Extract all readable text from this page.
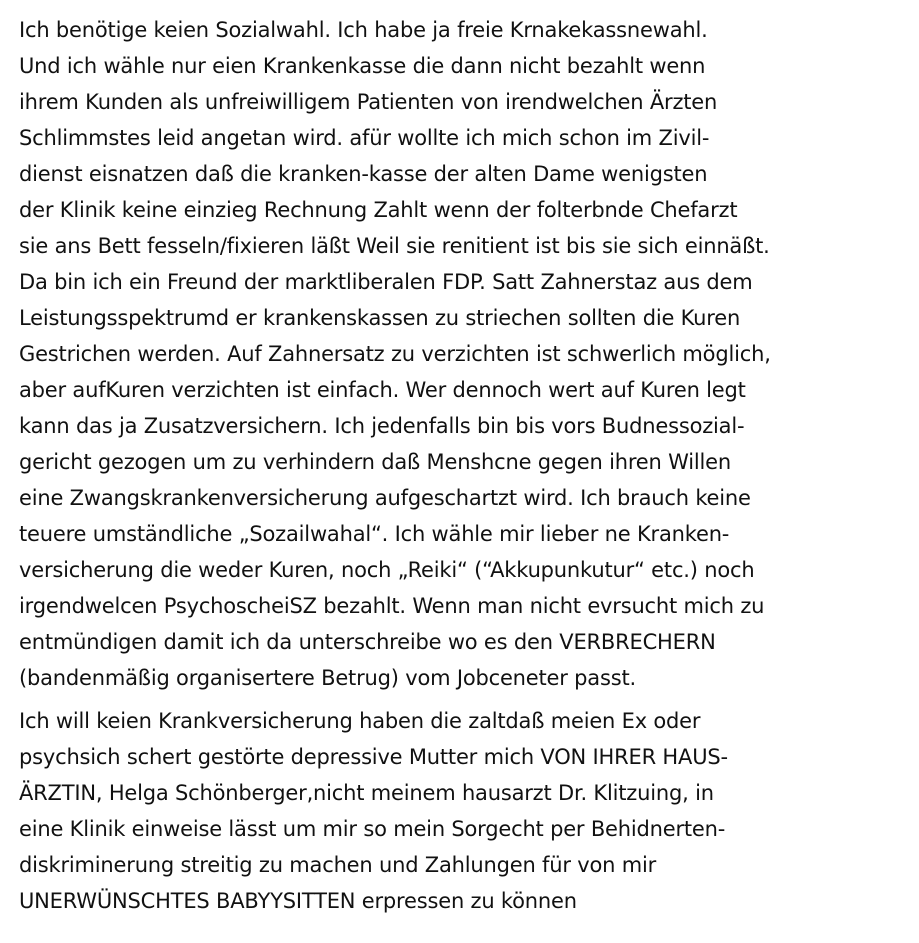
Ich benötige keien Sozialwahl. Ich habe ja freie Krnakekassnewahl.
Und ich wähle nur eien Krankenkasse die dann nicht bezahlt wenn
ihrem Kunden als unfreiwilligem Patienten von irendwelchen Ärzten
Schlimmstes leid angetan wird. afür wollte ich mich schon im Zivil-
dienst eisnatzen daß die kranken-kasse der alten Dame wenigsten
der Klinik keine einzieg Rechnung Zahlt wenn der folterbnde Chefarzt
sie ans Bett fesseln/fixieren läßt Weil sie renitient ist bis sie sich einnäßt.
Da bin ich ein Freund der marktliberalen FDP. Satt Zahnerstaz aus dem
Leistungsspektrumd er krankenskassen zu striechen sollten die Kuren
Gestrichen werden. Auf Zahnersatz zu verzichten ist schwerlich möglich,
aber aufKuren verzichten ist einfach. Wer dennoch wert auf Kuren legt
kann das ja Zusatzversichern. Ich jedenfalls bin bis vors Budnessozial-
gericht gezogen um zu verhindern daß Menshcne gegen ihren Willen
eine Zwangskrankenversicherung aufgeschartzt wird. Ich brauch keine
teuere umständliche „Sozailwahal“. Ich wähle mir lieber ne Kranken-
versicherung die weder Kuren, noch „Reiki“ (“Akkupunkutur“ etc.) noch
irgendwelcen PsychoscheiSZ bezahlt. Wenn man nicht evrsucht mich zu
entmündigen damit ich da unterschreibe wo es den VERBRECHERN
(bandenmäßig organisertere Betrug) vom Jobceneter passt.
Ich will keien Krankversicherung haben die zaltdaß meien Ex oder
psychsich schert gestörte depressive Mutter mich VON IHRER HAUS-
ÄRZTIN, Helga Schönberger,nicht meinem hausarzt Dr. Klitzuing, in
eine Klinik einweise lässt um mir so mein Sorgecht per Behidnerten-
diskriminerung streitig zu machen und Zahlungen für von mir
UNERWÜNSCHTES BABYYSITTEN erpressen zu können
